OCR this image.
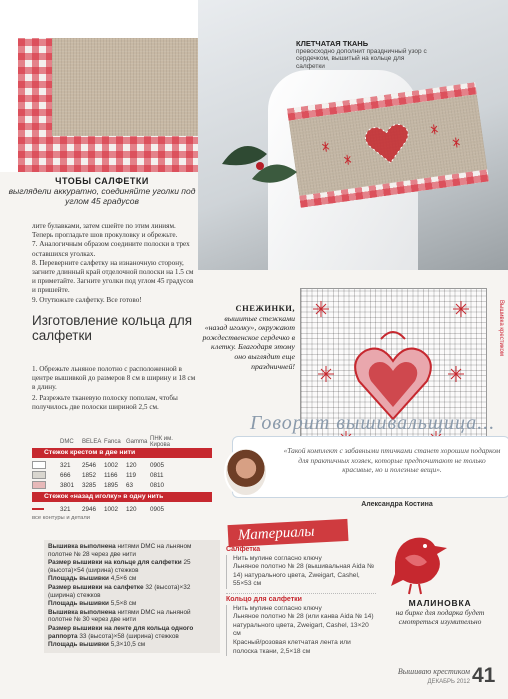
КЛЕТЧАТАЯ ТКАНЬ
превосходно дополнит праздничный узор с сердечком, вышитый на кольце для салфетки
ЧТОБЫ САЛФЕТКИ
выглядели аккуратно, соединяйте уголки под углом 45 градусов

лите булавками, затем сшейте по этим линиям. Теперь прогладьте шов прокуловку и обрежьте.

7. Аналогичным образом соедините полоски в трех оставшихся уголках.

8. Переверните салфетку на изнаночную сторону, загните длинный край отделочной полоски на 1.5 см и приметайте. Загните уголки под углом 45 градусов и пришейте.

9. Отутюжьте салфетку. Все готово!

Изготовление кольца для салфетки

1. Обрежьте льняное полотно с расположенной в центре вышивкой до размеров 8 см в ширину и 18 см в длину.

2. Разрежьте тканевую полоску пополам, чтобы получилось две полоски шириной 2,5 см.

СНЕЖИНКИ,
вышитые стежками «назад иголку», окружают рождественское сердечко в клетку. Благодаря этому оно выглядит еще праздничней!
Вышивка крестиком
Говорит вышивальщица...
«Такой комплект с забавными птичками станет хорошим подарком для практичных хозяек, которые предпочитают не только красивые, но и полезные вещи».
Александра Костина
DMC	BELEA Fanca Gamma ПНК им. Кирова
Стежок крестом в две нити
321	2546	1002	120	0905
666	1852	1166	119	0811
3801	3285	1895	63	0810
Стежок «назад иголку» в одну нить
321	2946	1002	120	0905
все контуры и детали

Вышивка выполнена нитями DMC на льняном полотне № 28 через две нити

Размер вышивки на кольце для салфетки 25 (высота)×54 (ширина) стежков

Площадь вышивки 4,5×6 см

Размер вышивки на салфетке 32 (высота)×32 (ширина) стежков

Площадь вышивки 5,5×8 см

Вышивка выполнена нитями DMC на льняной полотне № 30 через две нити

Размер вышивки на ленте для кольца одного раппорта 33 (высота)×58 (ширина) стежков

Площадь вышивки 5,3×10,5 см

Материалы
Салфетка

Нить мулине согласно ключу

Льняное полотно № 28 (вышивальная Aida № 14) натурального цвета, Zweigart, Cashel, 55×53 см

Кольцо для салфетки

Нить мулине согласно ключу

Льняное полотно № 28 (или канва Aida № 14) натурального цвета, Zweigart, Cashel, 13×20 см

Красный/розовая клетчатая лента или полоска ткани, 2,5×18 см

МАЛИНОВКА
на бирке для подарка будет смотреться изумительно
Вышиваю крестиком
ДЕКАБРЬ 2012 41
